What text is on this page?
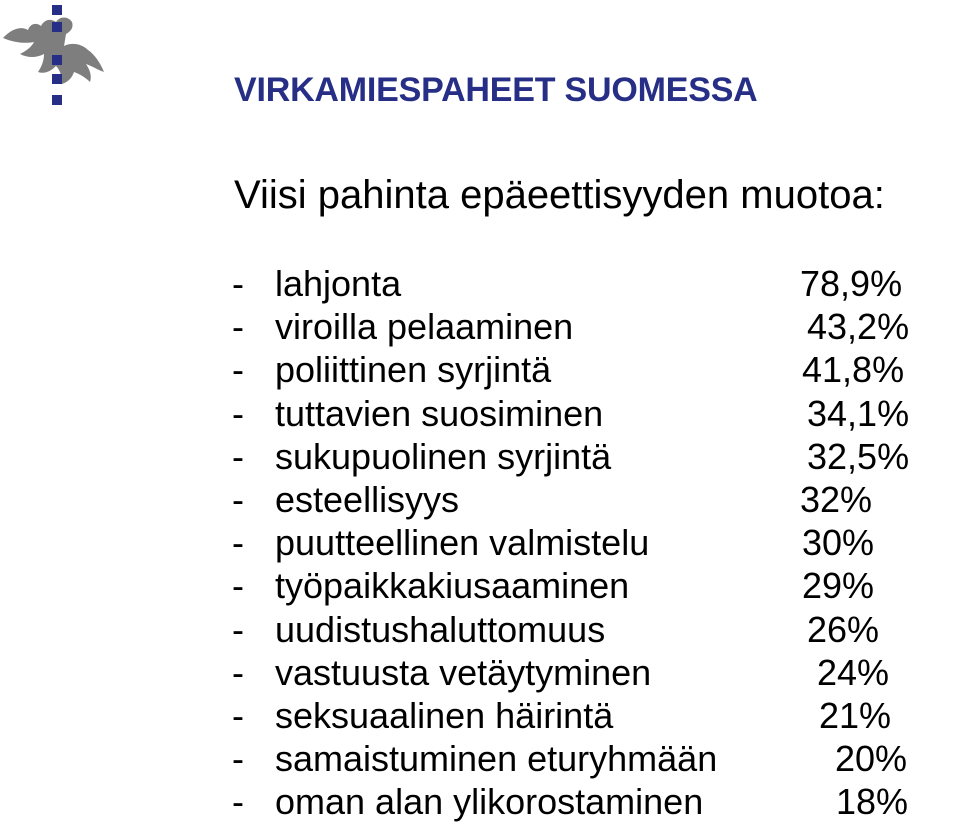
VIRKAMIESPAHEET SUOMESSA

Viisi pahinta epäeettisyyden muotoa:

- lahjonta	78,9%
- viroilla pelaaminen	43,2%
- poliittinen syrjintä	41,8%
- tuttavien suosiminen	34,1%
- sukupuolinen syrjintä	32,5%
- esteellisyys	32%
- puutteellinen valmistelu	30%
- työpaikkakiusaaminen	29%
- uudistushaluttomuus	26%
- vastuusta vetäytyminen	24%
- seksuaalinen häirintä	21%
- samaistuminen eturyhmään	20%
- oman alan ylikorostaminen	18%
